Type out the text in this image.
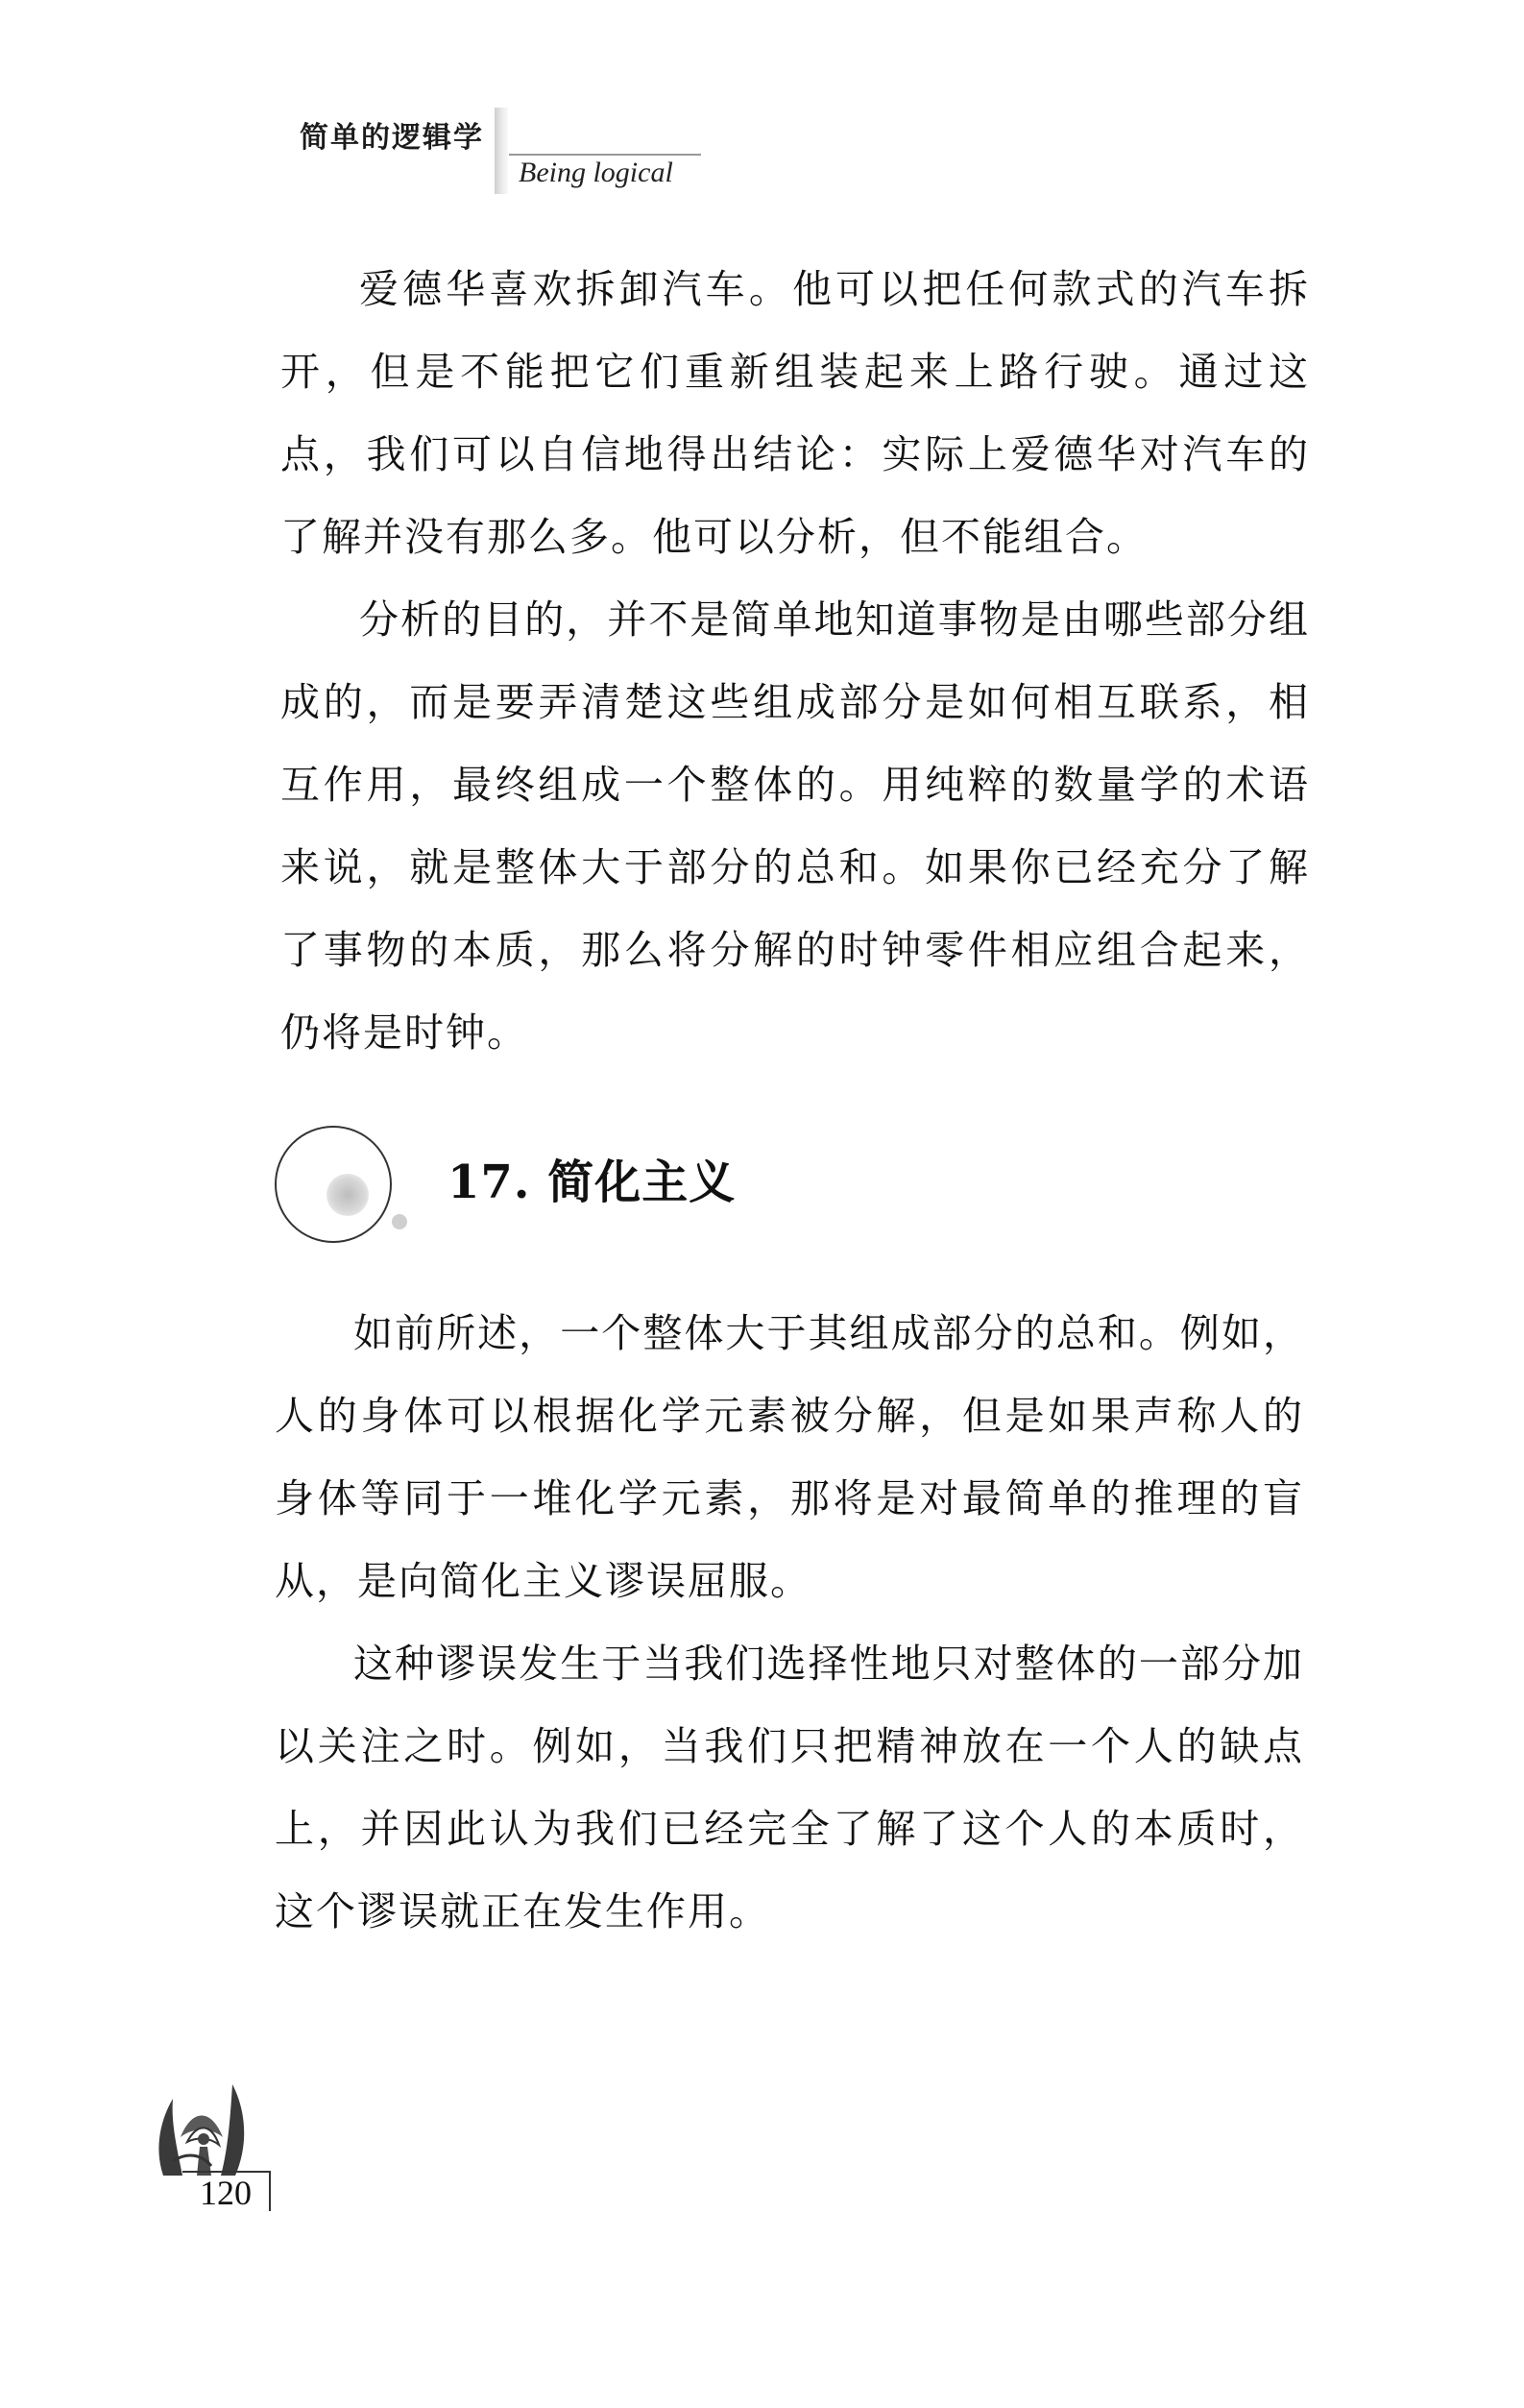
简单的逻辑学
Being logical

爱德华喜欢拆卸汽车。他可以把任何款式的汽车拆开，但是不能把它们重新组装起来上路行驶。通过这点，我们可以自信地得出结论：实际上爱德华对汽车的了解并没有那么多。他可以分析，但不能组合。

分析的目的，并不是简单地知道事物是由哪些部分组成的，而是要弄清楚这些组成部分是如何相互联系，相互作用，最终组成一个整体的。用纯粹的数量学的术语来说，就是整体大于部分的总和。如果你已经充分了解了事物的本质，那么将分解的时钟零件相应组合起来，仍将是时钟。

17. 简化主义

如前所述，一个整体大于其组成部分的总和。例如，人的身体可以根据化学元素被分解，但是如果声称人的身体等同于一堆化学元素，那将是对最简单的推理的盲从，是向简化主义谬误屈服。

这种谬误发生于当我们选择性地只对整体的一部分加以关注之时。例如，当我们只把精神放在一个人的缺点上，并因此认为我们已经完全了解了这个人的本质时，这个谬误就正在发生作用。

120
